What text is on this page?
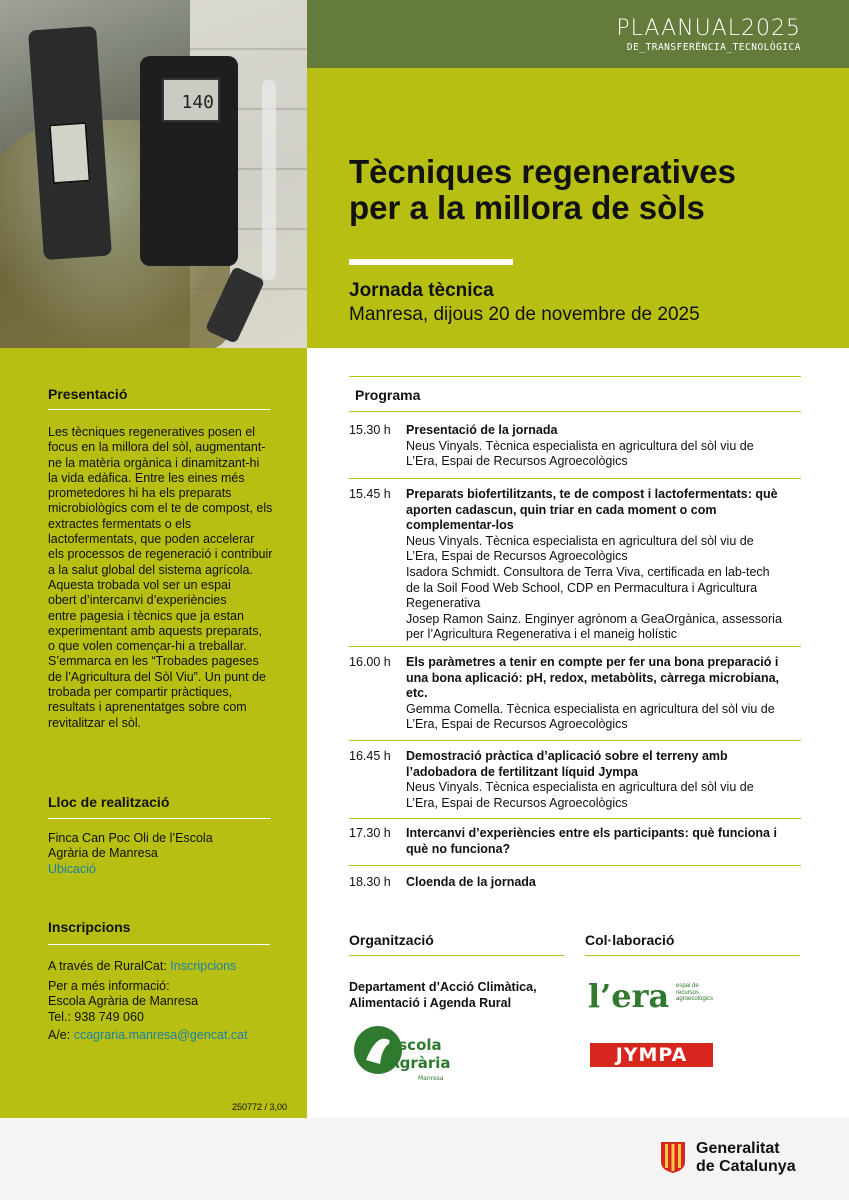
140
PLAANUAL2025
DE_TRANSFERÈNCIA_TECNOLÒGICA
Tècniques regeneratives
per a la millora de sòls
Jornada tècnica
Manresa, dijous 20 de novembre de 2025
Presentació
Les tècniques regeneratives posen el
focus en la millora del sòl, augmentant-
ne la matèria orgànica i dinamitzant-hi
la vida edàfica. Entre les eines més
prometedores hi ha els preparats
microbiològics com el te de compost, els
extractes fermentats o els
lactofermentats, que poden accelerar
els processos de regeneració i contribuir
a la salut global del sistema agrícola.
Aquesta trobada vol ser un espai
obert d’intercanvi d’experiències
entre pagesia i tècnics que ja estan
experimentant amb aquests preparats,
o que volen començar-hi a treballar.
S’emmarca en les “Trobades pageses
de l’Agricultura del Sòl Viu”. Un punt de
trobada per compartir pràctiques,
resultats i aprenentatges sobre com
revitalitzar el sòl.
Lloc de realització
Finca Can Poc Oli de l’Escola
Agrària de Manresa
Ubicació
Inscripcions
A través de RuralCat: Inscripcions
Per a més informació:
Escola Agrària de Manresa
Tel.: 938 749 060
A/e: ccagraria.manresa@gencat.cat
250772 / 3,00
Programa
15.30 h Presentació de la jornada
Neus Vinyals. Tècnica especialista en agricultura del sòl viu de
L’Era, Espai de Recursos Agroecològics
15.45 h Preparats biofertilitzants, te de compost i lactofermentats: què
aporten cadascun, quin triar en cada moment o com
complementar-los
Neus Vinyals. Tècnica especialista en agricultura del sòl viu de
L’Era, Espai de Recursos Agroecològics
Isadora Schmidt. Consultora de Terra Viva, certificada en lab-tech
de la Soil Food Web School, CDP en Permacultura i Agricultura
Regenerativa
Josep Ramon Sainz. Enginyer agrònom a GeaOrgànica, assessoria
per l’Agricultura Regenerativa i el maneig holístic
16.00 h Els paràmetres a tenir en compte per fer una bona preparació i
una bona aplicació: pH, redox, metabòlits, càrrega microbiana,
etc.
Gemma Comella. Tècnica especialista en agricultura del sòl viu de
L’Era, Espai de Recursos Agroecològics
16.45 h Demostració pràctica d’aplicació sobre el terreny amb
l’adobadora de fertilitzant líquid Jympa
Neus Vinyals. Tècnica especialista en agricultura del sòl viu de
L’Era, Espai de Recursos Agroecològics
17.30 h Intercanvi d’experiències entre els participants: què funciona i
què no funciona?
18.30 h Cloenda de la jornada
Organització
Departament d’Acció Climàtica,
Alimentació i Agenda Rural
Escola
Agrària
Manresa
Col·laboració
l’era espai de
recursos
agroecològics
JYMPA
Generalitat
de Catalunya
